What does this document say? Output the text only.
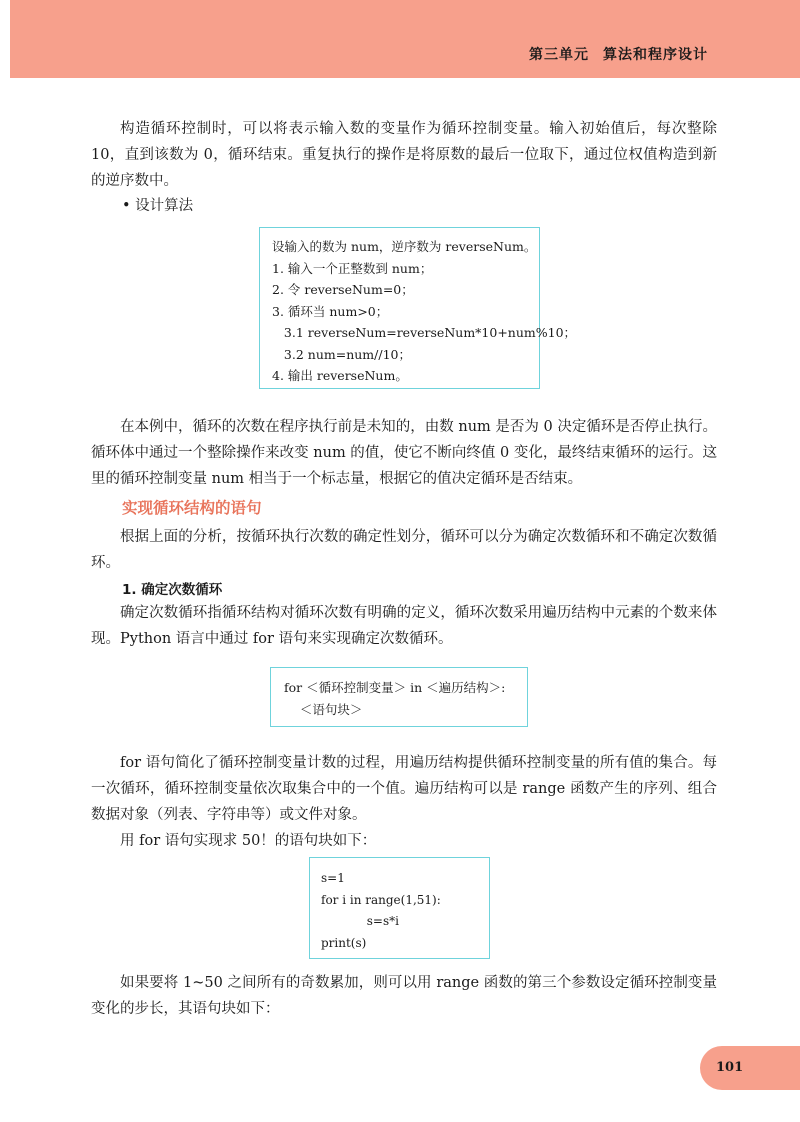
第三单元 算法和程序设计

构造循环控制时，可以将表示输入数的变量作为循环控制变量。输入初始值后，每次整除 10，直到该数为 0，循环结束。重复执行的操作是将原数的最后一位取下，通过位权值构造到新的逆序数中。

• 设计算法
设输入的数为 num，逆序数为 reverseNum。
1. 输入一个正整数到 num；
2. 令 reverseNum=0；
3. 循环当 num>0；
3.1 reverseNum=reverseNum*10+num%10；
3.2 num=num//10；
4. 输出 reverseNum。

在本例中，循环的次数在程序执行前是未知的，由数 num 是否为 0 决定循环是否停止执行。循环体中通过一个整除操作来改变 num 的值，使它不断向终值 0 变化，最终结束循环的运行。这里的循环控制变量 num 相当于一个标志量，根据它的值决定循环是否结束。

实现循环结构的语句

根据上面的分析，按循环执行次数的确定性划分，循环可以分为确定次数循环和不确定次数循环。

1. 确定次数循环

确定次数循环指循环结构对循环次数有明确的定义，循环次数采用遍历结构中元素的个数来体现。Python 语言中通过 for 语句来实现确定次数循环。

for ＜循环控制变量＞ in ＜遍历结构＞:
＜语句块＞

for 语句简化了循环控制变量计数的过程，用遍历结构提供循环控制变量的所有值的集合。每一次循环，循环控制变量依次取集合中的一个值。遍历结构可以是 range 函数产生的序列、组合数据对象（列表、字符串等）或文件对象。

用 for 语句实现求 50！的语句块如下：

s=1
for i in range(1,51):
s=s*i
print(s)

如果要将 1~50 之间所有的奇数累加，则可以用 range 函数的第三个参数设定循环控制变量变化的步长，其语句块如下：

101
